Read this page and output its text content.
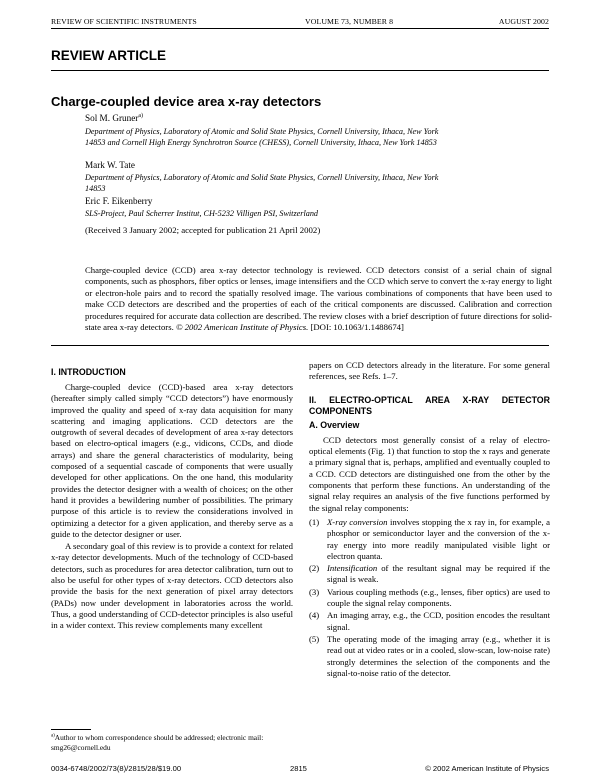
REVIEW OF SCIENTIFIC INSTRUMENTS	VOLUME 73, NUMBER 8	AUGUST 2002
REVIEW ARTICLE
Charge-coupled device area x-ray detectors
Sol M. Gruner$^{a)}$
Department of Physics, Laboratory of Atomic and Solid State Physics, Cornell University, Ithaca, New York 14853 and Cornell High Energy Synchrotron Source (CHESS), Cornell University, Ithaca, New York 14853
Mark W. Tate
Department of Physics, Laboratory of Atomic and Solid State Physics, Cornell University, Ithaca, New York 14853
Eric F. Eikenberry
SLS-Project, Paul Scherrer Institut, CH-5232 Villigen PSI, Switzerland
(Received 3 January 2002; accepted for publication 21 April 2002)
Charge-coupled device (CCD) area x-ray detector technology is reviewed. CCD detectors consist of a serial chain of signal components, such as phosphors, fiber optics or lenses, image intensifiers and the CCD which serve to convert the x-ray energy to light or electron-hole pairs and to record the spatially resolved image. The various combinations of components that have been used to make CCD detectors are described and the properties of each of the critical components are discussed. Calibration and correction procedures required for accurate data collection are described. The review closes with a brief description of future directions for solid-state area x-ray detectors. © 2002 American Institute of Physics. [DOI: 10.1063/1.1488674]
I. INTRODUCTION

Charge-coupled device (CCD)-based area x-ray detectors (hereafter simply called simply “CCD detectors”) have enormously improved the quality and speed of x-ray data acquisition for many scattering and imaging applications. CCD detectors are the outgrowth of several decades of development of area x-ray detectors based on electro-optical imagers (e.g., vidicons, CCDs, and diode arrays) and share the general characteristics of modularity, being composed of a sequential cascade of components that were usually developed for other applications. On the one hand, this modularity provides the detector designer with a wealth of choices; on the other hand it provides a bewildering number of possibilities. The primary purpose of this article is to review the considerations involved in optimizing a detector for a given application, and thereby serve as a guide to the detector designer or user.

A secondary goal of this review is to provide a context for related x-ray detector developments. Much of the technology of CCD-based detectors, such as procedures for area detector calibration, turn out to also be useful for other types of x-ray detectors. CCD detectors also provide the basis for the next generation of pixel array detectors (PADs) now under development in laboratories across the world. Thus, a good understanding of CCD-detector principles is also useful in a wider context. This review complements many excellent

$^{a)}$Author to whom correspondence should be addressed; electronic mail: smg26@cornell.edu

papers on CCD detectors already in the literature. For some general references, see Refs. 1–7.

II. ELECTRO-OPTICAL AREA X-RAY DETECTOR COMPONENTS
A. Overview

CCD detectors most generally consist of a relay of electro-optical elements (Fig. 1) that function to stop the x rays and generate a primary signal that is, perhaps, amplified and eventually coupled to a CCD. CCD detectors are distinguished one from the other by the components that perform these functions. An understanding of the signal relay requires an analysis of the five functions performed by the signal relay components:

(1) X-ray conversion involves stopping the x ray in, for example, a phosphor or semiconductor layer and the conversion of the x-ray energy into more readily manipulated visible light or electron quanta.
(2) Intensification of the resultant signal may be required if the signal is weak.
(3) Various coupling methods (e.g., lenses, fiber optics) are used to couple the signal relay components.
(4) An imaging array, e.g., the CCD, position encodes the resultant signal.
(5) The operating mode of the imaging array (e.g., whether it is read out at video rates or in a cooled, slow-scan, low-noise rate) strongly determines the selection of the components and the signal-to-noise ratio of the detector.
0034-6748/2002/73(8)/2815/28/$19.00	2815	© 2002 American Institute of Physics
